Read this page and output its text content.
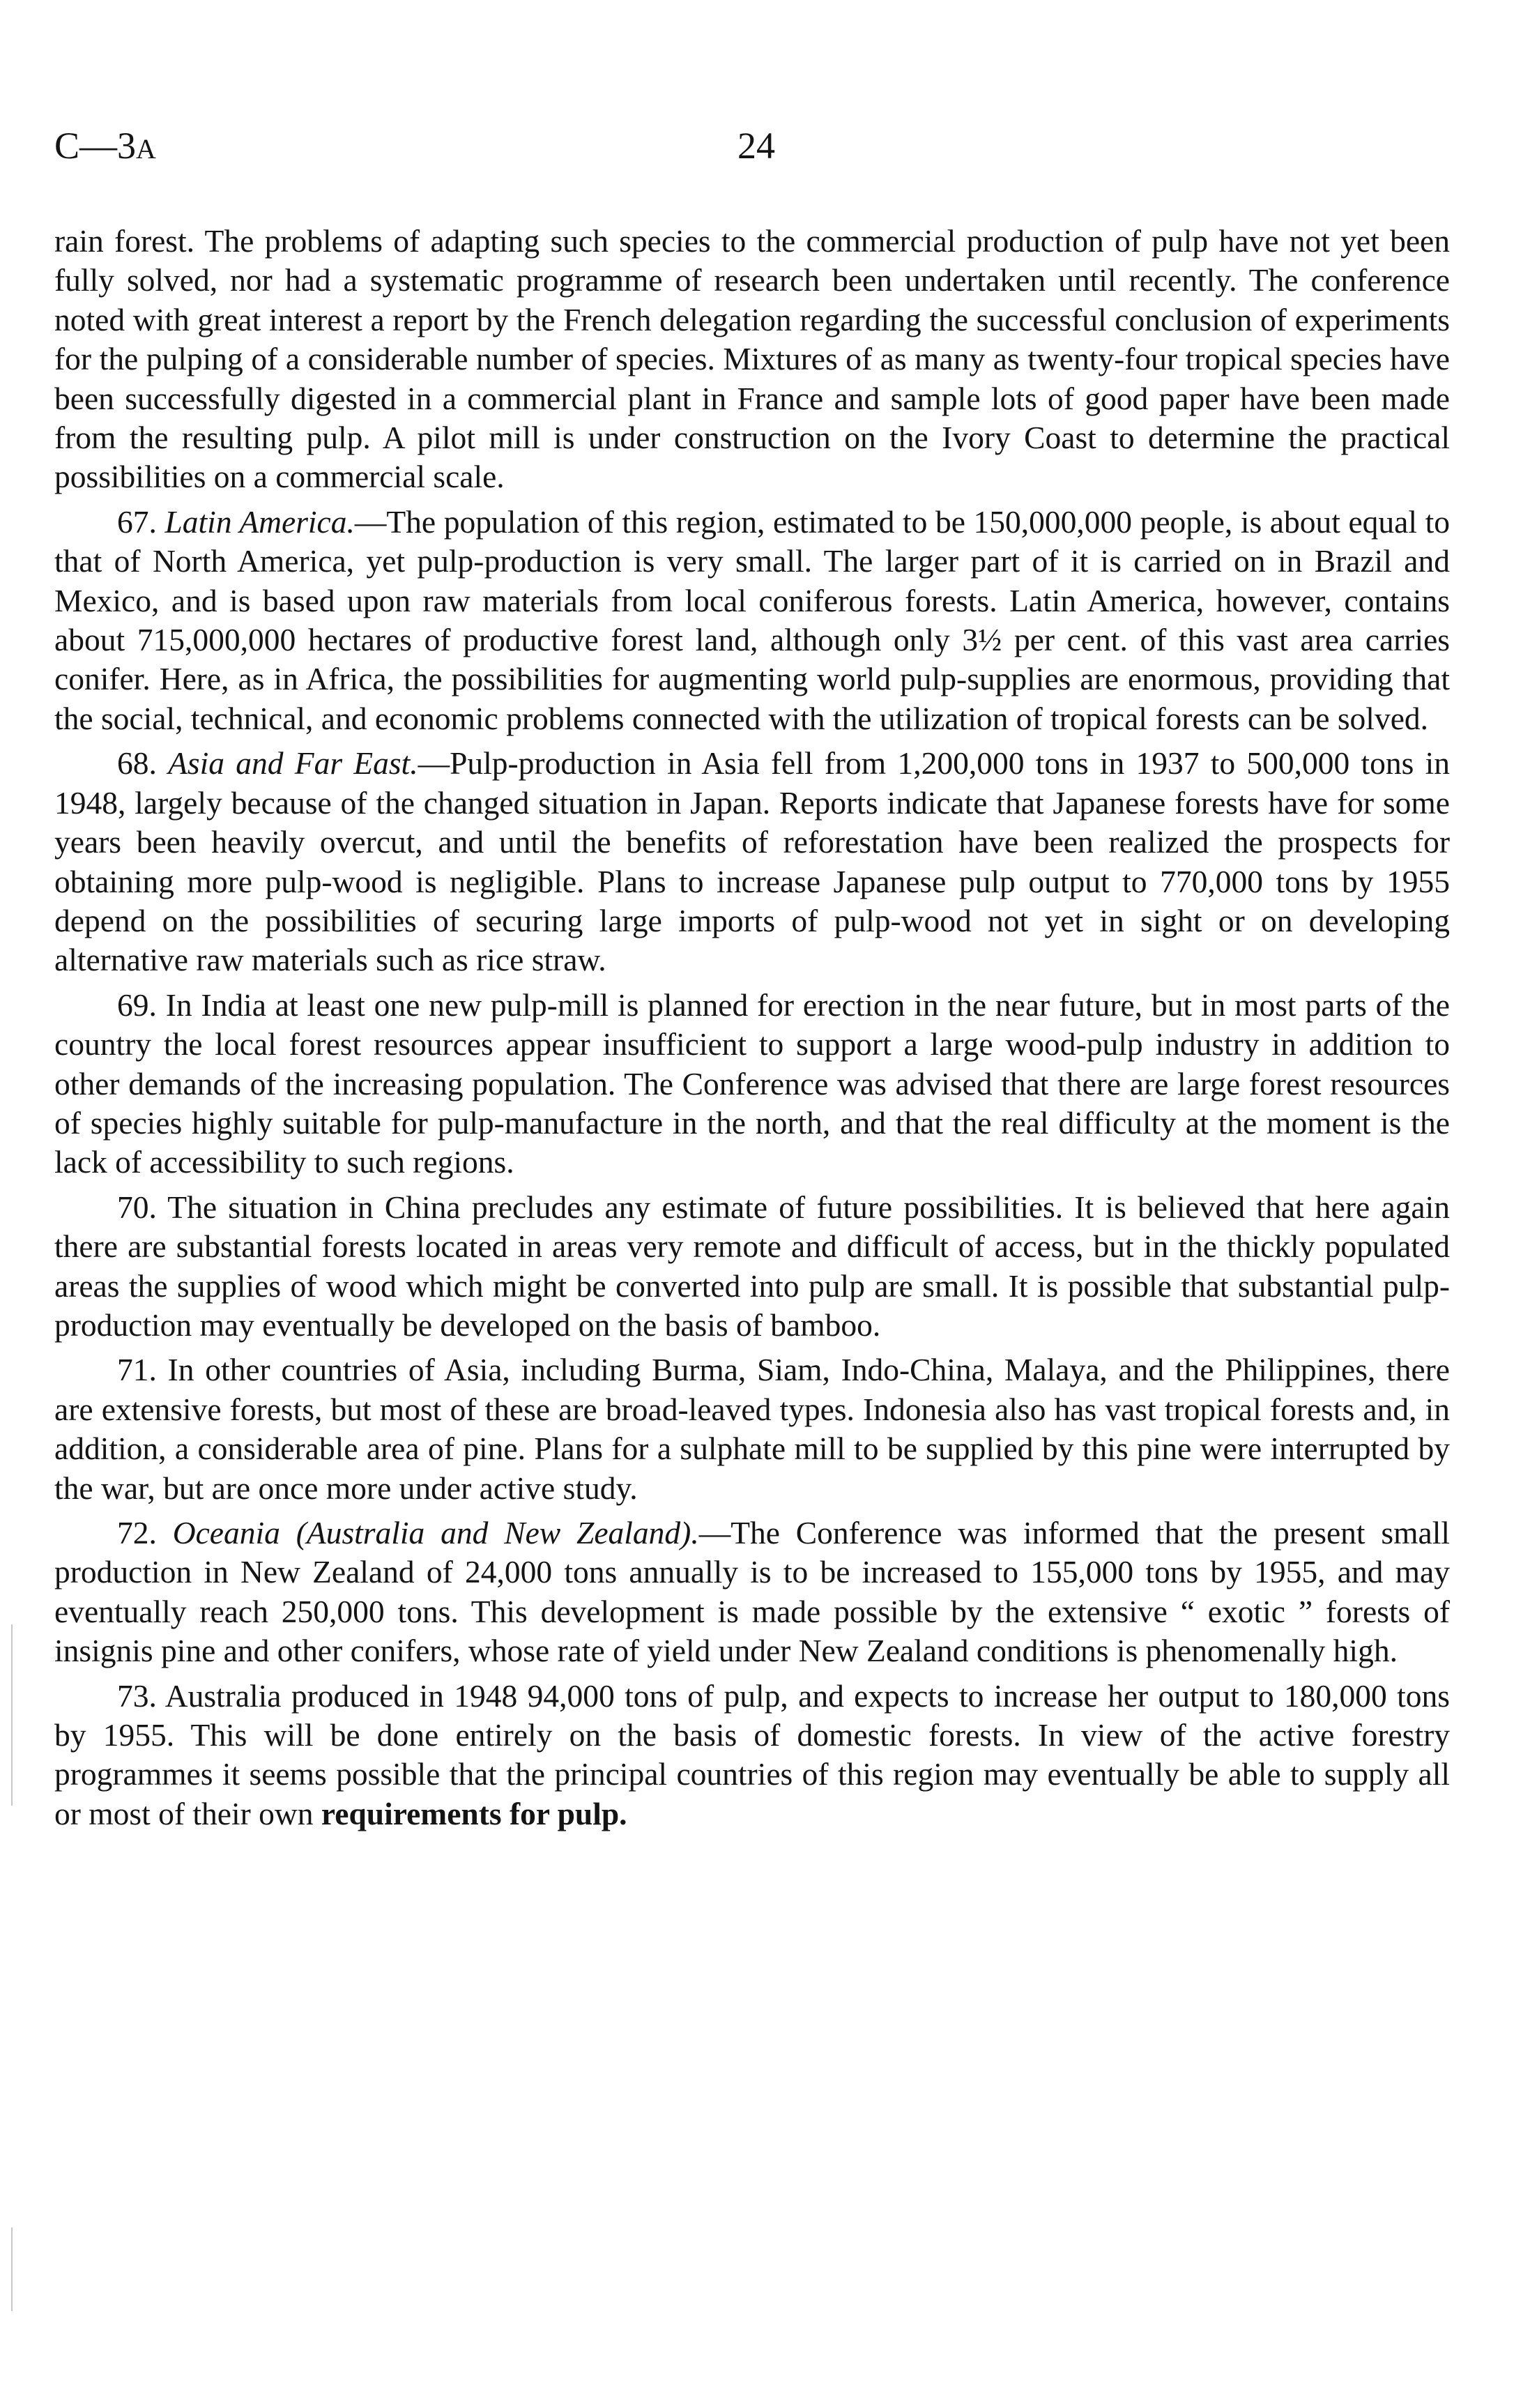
C—3A	24

rain forest. The problems of adapting such species to the commercial production of pulp have not yet been fully solved, nor had a systematic programme of research been undertaken until recently. The conference noted with great interest a report by the French delegation regarding the successful conclusion of experiments for the pulping of a considerable number of species. Mixtures of as many as twenty-four tropical species have been successfully digested in a commercial plant in France and sample lots of good paper have been made from the resulting pulp. A pilot mill is under construction on the Ivory Coast to determine the practical possibilities on a commercial scale.

67. Latin America.—The population of this region, estimated to be 150,000,000 people, is about equal to that of North America, yet pulp-production is very small. The larger part of it is carried on in Brazil and Mexico, and is based upon raw materials from local coniferous forests. Latin America, however, contains about 715,000,000 hectares of productive forest land, although only 3½ per cent. of this vast area carries conifer. Here, as in Africa, the possibilities for augmenting world pulp-supplies are enormous, providing that the social, technical, and economic problems connected with the utilization of tropical forests can be solved.

68. Asia and Far East.—Pulp-production in Asia fell from 1,200,000 tons in 1937 to 500,000 tons in 1948, largely because of the changed situation in Japan. Reports indicate that Japanese forests have for some years been heavily overcut, and until the benefits of reforestation have been realized the prospects for obtaining more pulp-wood is negligible. Plans to increase Japanese pulp output to 770,000 tons by 1955 depend on the possibilities of securing large imports of pulp-wood not yet in sight or on developing alternative raw materials such as rice straw.

69. In India at least one new pulp-mill is planned for erection in the near future, but in most parts of the country the local forest resources appear insufficient to support a large wood-pulp industry in addition to other demands of the increasing population. The Conference was advised that there are large forest resources of species highly suitable for pulp-manufacture in the north, and that the real difficulty at the moment is the lack of accessibility to such regions.

70. The situation in China precludes any estimate of future possibilities. It is believed that here again there are substantial forests located in areas very remote and difficult of access, but in the thickly populated areas the supplies of wood which might be converted into pulp are small. It is possible that substantial pulp-production may eventually be developed on the basis of bamboo.

71. In other countries of Asia, including Burma, Siam, Indo-China, Malaya, and the Philippines, there are extensive forests, but most of these are broad-leaved types. Indonesia also has vast tropical forests and, in addition, a considerable area of pine. Plans for a sulphate mill to be supplied by this pine were interrupted by the war, but are once more under active study.

72. Oceania (Australia and New Zealand).—The Conference was informed that the present small production in New Zealand of 24,000 tons annually is to be increased to 155,000 tons by 1955, and may eventually reach 250,000 tons. This development is made possible by the extensive “ exotic ” forests of insignis pine and other conifers, whose rate of yield under New Zealand conditions is phenomenally high.

73. Australia produced in 1948 94,000 tons of pulp, and expects to increase her output to 180,000 tons by 1955. This will be done entirely on the basis of domestic forests. In view of the active forestry programmes it seems possible that the principal countries of this region may eventually be able to supply all or most of their own requirements for pulp.
